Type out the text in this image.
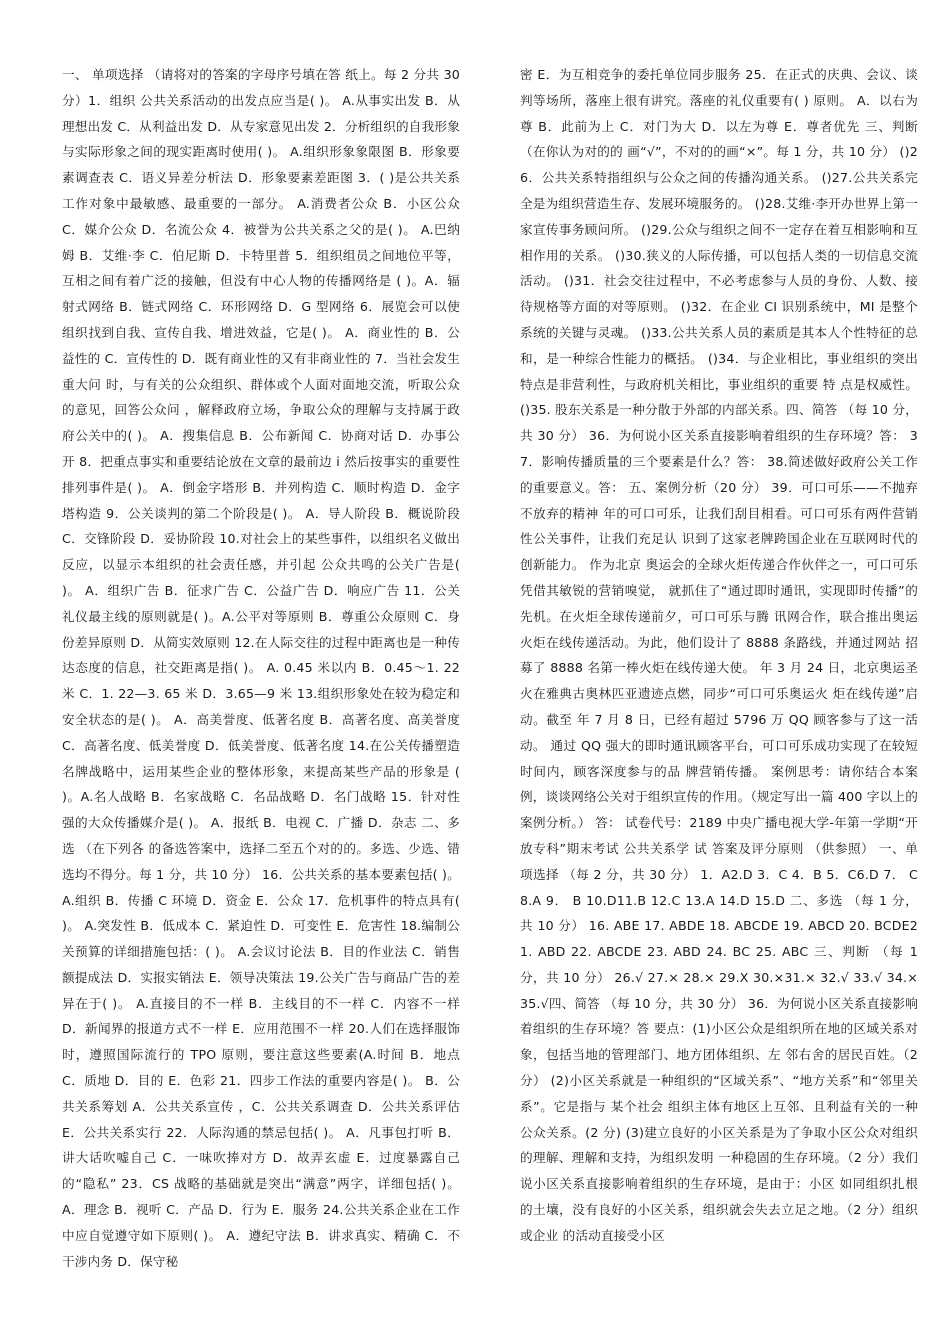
一、 单项选择 （请将对的答案的字母序号填在答 纸上。每 2 分共 30 分）1．组织 公共关系活动的出发点应当是( )。 A.从事实出发 B．从理想出发 C．从利益出发 D．从专家意见出发 2．分析组织的自我形象与实际形象之间的现实距离时使用( )。 A.组织形象象限图 B．形象要素调查表 C．语义异差分析法 D．形象要素差距图 3．( )是公共关系工作对象中最敏感、最重要的一部分。 A.消费者公众 B．小区公众 C．媒介公众 D．名流公众 4．被誉为公共关系之父的是( )。 A.巴纳姆 B．艾维·李 C．伯尼斯 D．卡特里普 5．组织组员之间地位平等，互相之间有着广泛的接触，但没有中心人物的传播网络是 ( )。A．辐射式网络 B．链式网络 C．环形网络 D．G 型网络 6．展览会可以使组织找到自我、宣传自我、增进效益，它是( )。 A．商业性的 B．公益性的 C．宣传性的 D．既有商业性的又有非商业性的 7．当社会发生重大问 时，与有关的公众组织、群体或个人面对面地交流，听取公众 的意见，回答公众问 ，解释政府立场，争取公众的理解与支持属于政府公关中的( )。 A．搜集信息 B．公布新闻 C．协商对话 D．办事公开 8．把重点事实和重要结论放在文章的最前边 i 然后按事实的重要性排列事件是( )。 A．倒金字塔形 B．并列构造 C．顺时构造 D．金字塔构造 9．公关谈判的第二个阶段是( )。 A．导人阶段 B．概说阶段 C．交锋阶段 D．妥协阶段 10.对社会上的某些事件，以组织名义做出反应，以显示本组织的社会责任感，并引起 公众共鸣的公关广告是( )。 A．组织广告 B．征求广告 C．公益广告 D．响应广告 11．公关礼仪最主线的原则就是( )。A.公平对等原则 B．尊重公众原则 C．身份差异原则 D．从简实效原则 12.在人际交往的过程中距离也是一种传达态度的信息，社交距离是指( )。 A. 0.45 米以内 B．0.45～1. 22 米 C．1. 22—3. 65 米 D．3.65—9 米 13.组织形象处在较为稳定和安全状态的是( )。 A．高美誉度、低著名度 B．高著名度、高美誉度 C．高著名度、低美誉度 D．低美誉度、低著名度 14.在公关传播塑造名牌战略中，运用某些企业的整体形象，来提高某些产品的形象是 ( )。A.名人战略 B．名家战略 C．名品战略 D．名门战略 15．针对性强的大众传播媒介是( )。 A．报纸 B．电视 C．广播 D．杂志 二、多选 （在下列各 的备选答案中，选择二至五个对的的。多选、少选、错 选均不得分。每 1 分，共 10 分） 16．公共关系的基本要素包括( )。 A.组织 B．传播 C 环境 D．资金 E．公众 17．危机事件的特点具有( )。 A.突发性 B．低成本 C．紧迫性 D．可变性 E．危害性 18.编制公关预算的详细措施包括：( )。 A.会议讨论法 B．目的作业法 C．销售额提成法 D．实报实销法 E．领导决策法 19.公关广告与商品广告的差异在于( )。 A.直接目的不一样 B．主线目的不一样 C．内容不一样 D．新闻界的报道方式不一样 E．应用范围不一样 20.人们在选择服饰时，遵照国际流行的 TPO 原则，要注意这些要素(A.时间 B．地点 C．质地 D．目的 E．色彩 21．四步工作法的重要内容是( )。 B．公共关系筹划 A．公共关系宣传 ，C．公共关系调查 D．公共关系评估 E．公共关系实行 22．人际沟通的禁忌包括( )。 A．凡事包打听 B．讲大话吹嘘自己 C．一味吹捧对方 D．故弄玄虚 E．过度暴露自己的“隐私” 23．CS 战略的基础就是突出“满意”两字，详细包括( )。 A．理念 B．视听 C．产品 D．行为 E．服务 24.公共关系企业在工作中应自觉遵守如下原则( )。 A．遵纪守法 B．讲求真实、精确 C．不干涉内务 D．保守秘

密 E．为互相竞争的委托单位同步服务 25．在正式的庆典、会议、谈判等场所，落座上很有讲究。落座的礼仪重要有( ) 原则。 A．以右为尊 B．此前为上 C．对门为大 D．以左为尊 E．尊者优先 三、判断 （在你认为对的的 画“√”，不对的的画“×”。每 1 分，共 10 分） ()26．公共关系特指组织与公众之间的传播沟通关系。 ()27.公共关系完全是为组织营造生存、发展环境服务的。 ()28.艾维·李开办世界上第一家宣传事务顾问所。 ()29.公众与组织之间不一定存在着互相影响和互相作用的关系。 ()30.狭义的人际传播，可以包括人类的一切信息交流活动。 ()31．社会交往过程中，不必考虑参与人员的身份、人数、接待规格等方面的对等原则。 ()32．在企业 CI 识别系统中，MI 是整个系统的关键与灵魂。 ()33.公共关系人员的素质是其本人个性特征的总和，是一种综合性能力的概括。 ()34．与企业相比，事业组织的突出特点是非营利性，与政府机关相比，事业组织的重要 特 点是权威性。 ()35. 股东关系是一种分散于外部的内部关系。四、简答 （每 10 分，共 30 分） 36．为何说小区关系直接影响着组织的生存环境？答： 37．影响传播质量的三个要素是什么？答： 38.简述做好政府公关工作的重要意义。答： 五、案例分析（20 分） 39．可口可乐——不抛弃不放弃的精神 年的可口可乐，让我们刮目相看。可口可乐有两件营销性公关事件，让我们充足认 识到了这家老牌跨国企业在互联网时代的创新能力。 作为北京 奥运会的全球火炬传递合作伙伴之一，可口可乐凭借其敏锐的营销嗅觉， 就抓住了“通过即时通讯，实现即时传播”的先机。在火炬全球传递前夕，可口可乐与腾 讯网合作，联合推出奥运火炬在线传递活动。为此，他们设计了 8888 条路线，并通过网站 招募了 8888 名第一棒火炬在线传递大使。 年 3 月 24 日，北京奥运圣火在雅典古奥林匹亚遗迹点燃，同步“可口可乐奥运火 炬在线传递”启动。截至 年 7 月 8 日，已经有超过 5796 万 QQ 顾客参与了这一活动。 通过 QQ 强大的即时通讯顾客平台，可口可乐成功实现了在较短时间内，顾客深度参与的品 牌营销传播。 案例思考：请你结合本案例，谈谈网络公关对于组织宣传的作用。（规定写出一篇 400 字以上的案例分析。） 答： 试卷代号：2189 中央广播电视大学-年第一学期“开放专科”期末考试 公共关系学 试 答案及评分原则 （供参照） 一、单项选择 （每 2 分，共 30 分） 1．A2.D 3．C 4．B 5．C6.D 7． C 8.A 9． B 10.D11.B 12.C 13.A 14.D 15.D 二、多选 （每 1 分，共 10 分） 16. ABE 17. ABDE 18. ABCDE 19. ABCD 20. BCDE21. ABD 22. ABCDE 23. ABD 24. BC 25. ABC 三、判断 （每 1 分，共 10 分） 26.√ 27.× 28.× 29.X 30.×31.× 32.√ 33.√ 34.× 35.√四、简答 （每 10 分，共 30 分） 36．为何说小区关系直接影响着组织的生存环境？答 要点：(1)小区公众是组织所在地的区域关系对象，包括当地的管理部门、地方团体组织、左 邻右舍的居民百姓。（2 分） (2)小区关系就是一种组织的“区域关系”、“地方关系”和“邻里关系”。它是指与 某个社会 组织主体有地区上互邻、且利益有关的一种公众关系。(2 分) (3)建立良好的小区关系是为了争取小区公众对组织的理解、理解和支持，为组织发明 一种稳固的生存环境。（2 分）我们说小区关系直接影响着组织的生存环境，是由于：小区 如同组织扎根的土壤，没有良好的小区关系，组织就会失去立足之地。（2 分）组织或企业 的活动直接受小区
